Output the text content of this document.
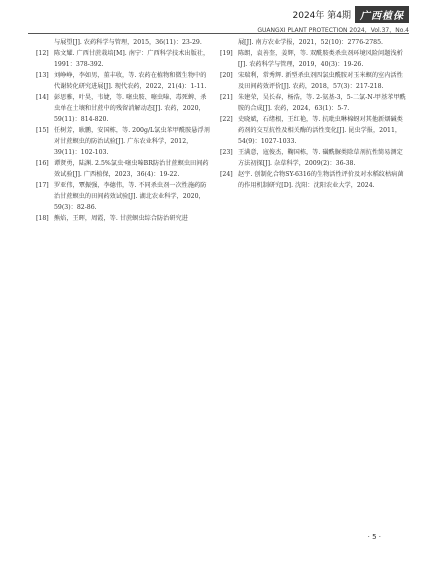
2024年 第4期 广西植保
GUANGXI PLANT PROTECTION 2024，Vol.37，No.4
与展望[J]. 农药科学与管理，2015，36(11)：23-29.
[12] 陈文耀. 广西甘蔗栽培[M]. 南宁：广西科学技术出版社，1991：378-392.
[13] 刘峥峥，李如男，董丰收，等. 农药在植物和微生物中的代谢转化研究进展[J]. 现代农药，2022，21(4)：1-11.
[14] 彭思雅，叶昊，韦婕，等. 噻虫胺、噻虫嗪、毒死蜱、杀虫单在土壤和甘蔗中的残留消解动态[J]. 农药，2020，59(11)：814-820.
[15] 任树芳，耿鹏，安国栋，等. 200g/L氯虫苯甲酰胺悬浮剂对甘蔗螟虫的防治试验[J]. 广东农业科学，2012，39(11)：102-103.
[16] 谭贤勇，陆渊. 2.5%氯虫·噻虫嗪BR防治甘蔗螟虫田间药效试验[J]. 广西植保，2023，36(4)：19-22.
[17] 罗亚伟，覃振强，李德伟，等. 不同杀虫剂一次性施药防治甘蔗螟虫的田间药效试验[J]. 湖北农业科学，2020，59(3)：82-86.
[18] 熊焰，王晖，周霞，等. 甘蔗螟虫综合防治研究进
展[J]. 南方农业学报，2021，52(10)：2776-2785.
[19] 陈朗，袁善奎，姜辉，等. 双酰胺类杀虫剂环境风险问题浅析[J]. 农药科学与管理，2019，40(3)：19-26.
[20] 宋瑞利，常秀辉. 新型杀虫剂四氯虫酰胺对玉米螟的室内活性及田间药效评价[J]. 农药，2018，57(3)：217-218.
[21] 朱建荣，吴长春，杨浩，等. 2-氨基-3，5-二氯-N-甲基苯甲酰胺的合成[J]. 农药，2024，63(1)：5-7.
[22] 史晓斌，石绪根，王红艳，等. 抗吡虫啉棉蚜对其他新烟碱类药剂的交互抗性及相关酶的活性变化[J]. 昆虫学报，2011，54(9)：1027-1033.
[23] 王满意，寇俊杰，鞠国栋，等. 磺酰脲类除草剂抗性简易测定方法初探[J]. 杂草科学，2009(2)：36-38.
[24] 赵宇. 创制化合物SY-6316的生物活性评价及对水稻纹枯病菌的作用机制研究[D]. 沈阳：沈阳农业大学，2024.
· 5 ·
